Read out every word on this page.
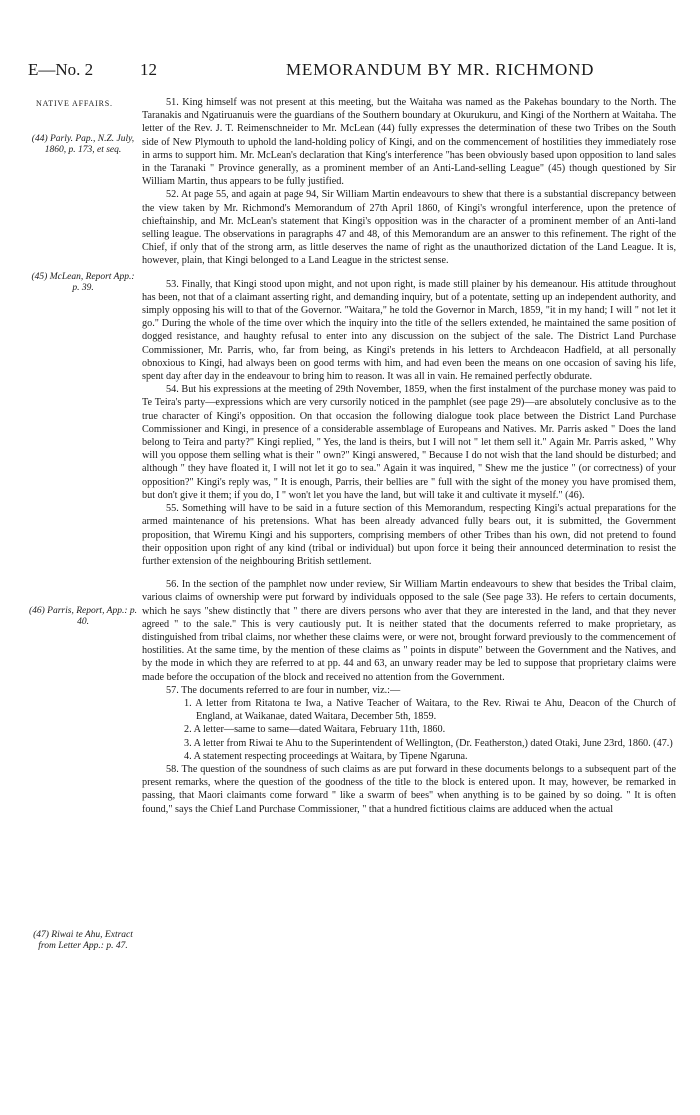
E—No. 2	12	MEMORANDUM BY MR. RICHMOND
NATIVE AFFAIRS.
(44) Parly. Pap., N.Z. July, 1860, p. 173, et seq.
(45) McLean, Report App.: p. 39.
(46) Parris, Report, App.: p. 40.
(47) Riwai te Ahu, Extract from Letter App.: p. 47.

51. King himself was not present at this meeting, but the Waitaha was named as the Pakehas boundary to the North. The Taranakis and Ngatiruanuis were the guardians of the Southern boundary at Okurukuru, and Kingi of the Northern at Waitaha. The letter of the Rev. J. T. Reimenschneider to Mr. McLean (44) fully expresses the determination of these two Tribes on the South side of New Plymouth to uphold the land-holding policy of Kingi, and on the commencement of hostilities they immediately rose in arms to support him. Mr. McLean's declaration that King's interference "has been obviously based upon opposition to land sales in the Taranaki " Province generally, as a prominent member of an Anti-Land-selling League" (45) though questioned by Sir William Martin, thus appears to be fully justified.

52. At page 55, and again at page 94, Sir William Martin endeavours to shew that there is a substantial discrepancy between the view taken by Mr. Richmond's Memorandum of 27th April 1860, of Kingi's wrongful interference, upon the pretence of chieftainship, and Mr. McLean's statement that Kingi's opposition was in the character of a prominent member of an Anti-land selling league. The observations in paragraphs 47 and 48, of this Memorandum are an answer to this refinement. The right of the Chief, if only that of the strong arm, as little deserves the name of right as the unauthorized dictation of the Land League. It is, however, plain, that Kingi belonged to a Land League in the strictest sense.

53. Finally, that Kingi stood upon might, and not upon right, is made still plainer by his demeanour. His attitude throughout has been, not that of a claimant asserting right, and demanding inquiry, but of a potentate, setting up an independent authority, and simply opposing his will to that of the Governor. "Waitara," he told the Governor in March, 1859, "it in my hand; I will " not let it go." During the whole of the time over which the inquiry into the title of the sellers extended, he maintained the same position of dogged resistance, and haughty refusal to enter into any discussion on the subject of the sale. The District Land Purchase Commissioner, Mr. Parris, who, far from being, as Kingi's pretends in his letters to Archdeacon Hadfield, at all personally obnoxious to Kingi, had always been on good terms with him, and had even been the means on one occasion of saving his life, spent day after day in the endeavour to bring him to reason. It was all in vain. He remained perfectly obdurate.

54. But his expressions at the meeting of 29th November, 1859, when the first instalment of the purchase money was paid to Te Teira's party—expressions which are very cursorily noticed in the pamphlet (see page 29)—are absolutely conclusive as to the true character of Kingi's opposition. On that occasion the following dialogue took place between the District Land Purchase Commissioner and Kingi, in presence of a considerable assemblage of Europeans and Natives. Mr. Parris asked " Does the land belong to Teira and party?" Kingi replied, " Yes, the land is theirs, but I will not " let them sell it." Again Mr. Parris asked, " Why will you oppose them selling what is their " own?" Kingi answered, " Because I do not wish that the land should be disturbed; and although " they have floated it, I will not let it go to sea." Again it was inquired, " Shew me the justice " (or correctness) of your opposition?" Kingi's reply was, " It is enough, Parris, their bellies are " full with the sight of the money you have promised them, but don't give it them; if you do, I " won't let you have the land, but will take it and cultivate it myself." (46).

55. Something will have to be said in a future section of this Memorandum, respecting Kingi's actual preparations for the armed maintenance of his pretensions. What has been already advanced fully bears out, it is submitted, the Government proposition, that Wiremu Kingi and his supporters, comprising members of other Tribes than his own, did not pretend to found their opposition upon right of any kind (tribal or individual) but upon force it being their announced determination to resist the further extension of the neighbouring British settlement.

56. In the section of the pamphlet now under review, Sir William Martin endeavours to shew that besides the Tribal claim, various claims of ownership were put forward by individuals opposed to the sale (See page 33). He refers to certain documents, which he says "shew distinctly that " there are divers persons who aver that they are interested in the land, and that they never agreed " to the sale." This is very cautiously put. It is neither stated that the documents referred to make proprietary, as distinguished from tribal claims, nor whether these claims were, or were not, brought forward previously to the commencement of hostilities. At the same time, by the mention of these claims as " points in dispute" between the Government and the Natives, and by the mode in which they are referred to at pp. 44 and 63, an unwary reader may be led to suppose that proprietary claims were made before the occupation of the block and received no attention from the Government.

57. The documents referred to are four in number, viz.:—

1. A letter from Ritatona te Iwa, a Native Teacher of Waitara, to the Rev. Riwai te Ahu, Deacon of the Church of England, at Waikanae, dated Waitara, December 5th, 1859.

2. A letter—same to same—dated Waitara, February 11th, 1860.

3. A letter from Riwai te Ahu to the Superintendent of Wellington, (Dr. Featherston,) dated Otaki, June 23rd, 1860. (47.)

4. A statement respecting proceedings at Waitara, by Tipene Ngaruna.

58. The question of the soundness of such claims as are put forward in these documents belongs to a subsequent part of the present remarks, where the question of the goodness of the title to the block is entered upon. It may, however, be remarked in passing, that Maori claimants come forward " like a swarm of bees" when anything is to be gained by so doing. " It is often found," says the Chief Land Purchase Commissioner, " that a hundred fictitious claims are adduced when the actual
